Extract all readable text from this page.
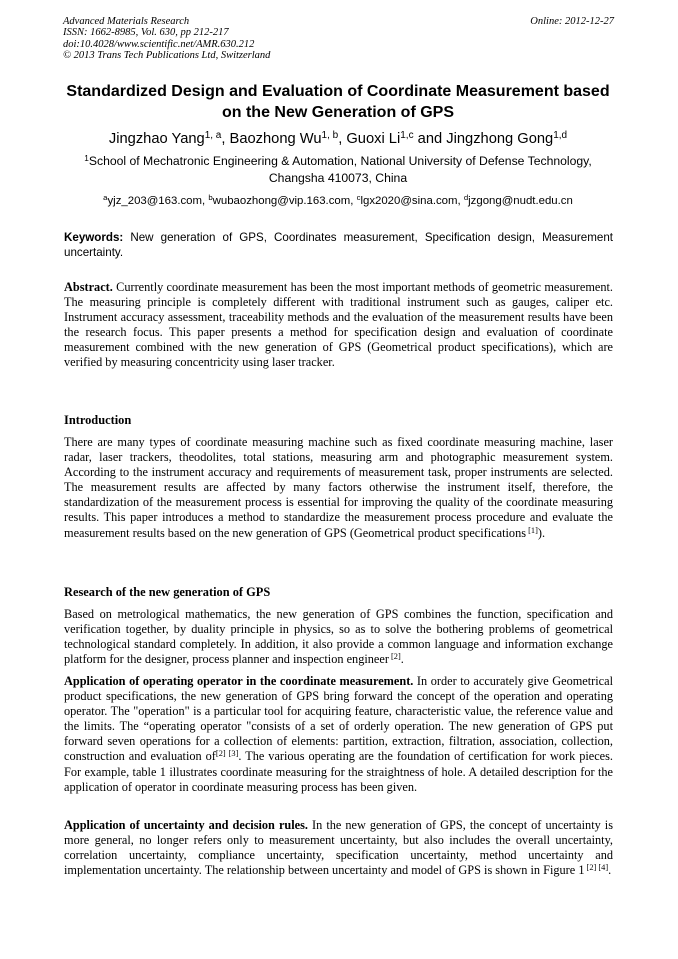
Advanced Materials Research
ISSN: 1662-8985, Vol. 630, pp 212-217
doi:10.4028/www.scientific.net/AMR.630.212
© 2013 Trans Tech Publications Ltd, Switzerland
Online: 2012-12-27
Standardized Design and Evaluation of Coordinate Measurement based
on the New Generation of GPS
Jingzhao Yang$^{1, a}$, Baozhong Wu$^{1, b}$, Guoxi Li$^{1,c}$ and Jingzhong Gong$^{1,d}$
$^1$School of Mechatronic Engineering & Automation, National University of Defense Technology,
Changsha 410073, China
$^a$yjz_203@163.com, $^b$wubaozhong@vip.163.com, $^c$lgx2020@sina.com, $^d$jzgong@nudt.edu.cn
Keywords: New generation of GPS, Coordinates measurement, Specification design, Measurement uncertainty.
Abstract. Currently coordinate measurement has been the most important methods of geometric measurement. The measuring principle is completely different with traditional instrument such as gauges, caliper etc. Instrument accuracy assessment, traceability methods and the evaluation of the measurement results have been the research focus. This paper presents a method for specification design and evaluation of coordinate measurement combined with the new generation of GPS (Geometrical product specifications), which are verified by measuring concentricity using laser tracker.
Introduction
There are many types of coordinate measuring machine such as fixed coordinate measuring machine, laser radar, laser trackers, theodolites, total stations, measuring arm and photographic measurement system. According to the instrument accuracy and requirements of measurement task, proper instruments are selected. The measurement results are affected by many factors otherwise the instrument itself, therefore, the standardization of the measurement process is essential for improving the quality of the coordinate measuring results. This paper introduces a method to standardize the measurement process procedure and evaluate the measurement results based on the new generation of GPS (Geometrical product specifications [1]).
Research of the new generation of GPS
Based on metrological mathematics, the new generation of GPS combines the function, specification and verification together, by duality principle in physics, so as to solve the bothering problems of geometrical technological standard completely. In addition, it also provide a common language and information exchange platform for the designer, process planner and inspection engineer [2].
Application of operating operator in the coordinate measurement. In order to accurately give Geometrical product specifications, the new generation of GPS bring forward the concept of the operation and operating operator. The "operation" is a particular tool for acquiring feature, characteristic value, the reference value and the limits. The “operating operator "consists of a set of orderly operation. The new generation of GPS put forward seven operations for a collection of elements: partition, extraction, filtration, association, collection, construction and evaluation of[2] [3]. The various operating are the foundation of certification for work pieces. For example, table 1 illustrates coordinate measuring for the straightness of hole. A detailed description for the application of operator in coordinate measuring process has been given.
Application of uncertainty and decision rules. In the new generation of GPS, the concept of uncertainty is more general, no longer refers only to measurement uncertainty, but also includes the overall uncertainty, correlation uncertainty, compliance uncertainty, specification uncertainty, method uncertainty and implementation uncertainty. The relationship between uncertainty and model of GPS is shown in Figure 1 [2] [4].
